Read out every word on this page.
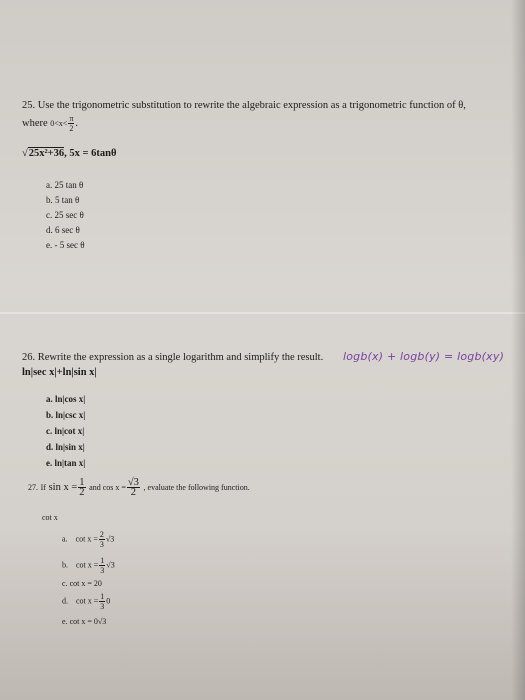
25. Use the trigonometric substitution to rewrite the algebraic expression as a trigonometric function of θ,
where $0<x< \frac{\pi}{2}$ .
√25x²+36, 5x = 6tanθ
a. 25 tan θ
b. 5 tan θ
c. 25 sec θ
d. 6 sec θ
e. - 5 sec θ
26. Rewrite the expression as a single logarithm and simplify the result. logb(x) + logb(y) = logb(xy)
ln|sec x|+ln|sin x|
a. ln|cos x|
b. ln|csc x|
c. ln|cot x|
d. ln|sin x|
e. ln|tan x|
27. If $\sin x = \frac{1}{2}$ and $\cos x = \frac{√3}{2}$ , evaluate the following function.
cot x
a. $\cot x = \frac{2}{3} √3$
b. $\cot x = \frac{1}{3} √3$
c. cot x = 20
d. $\cot x = \frac{1}{3} 0$
e. cot x = 0√3
